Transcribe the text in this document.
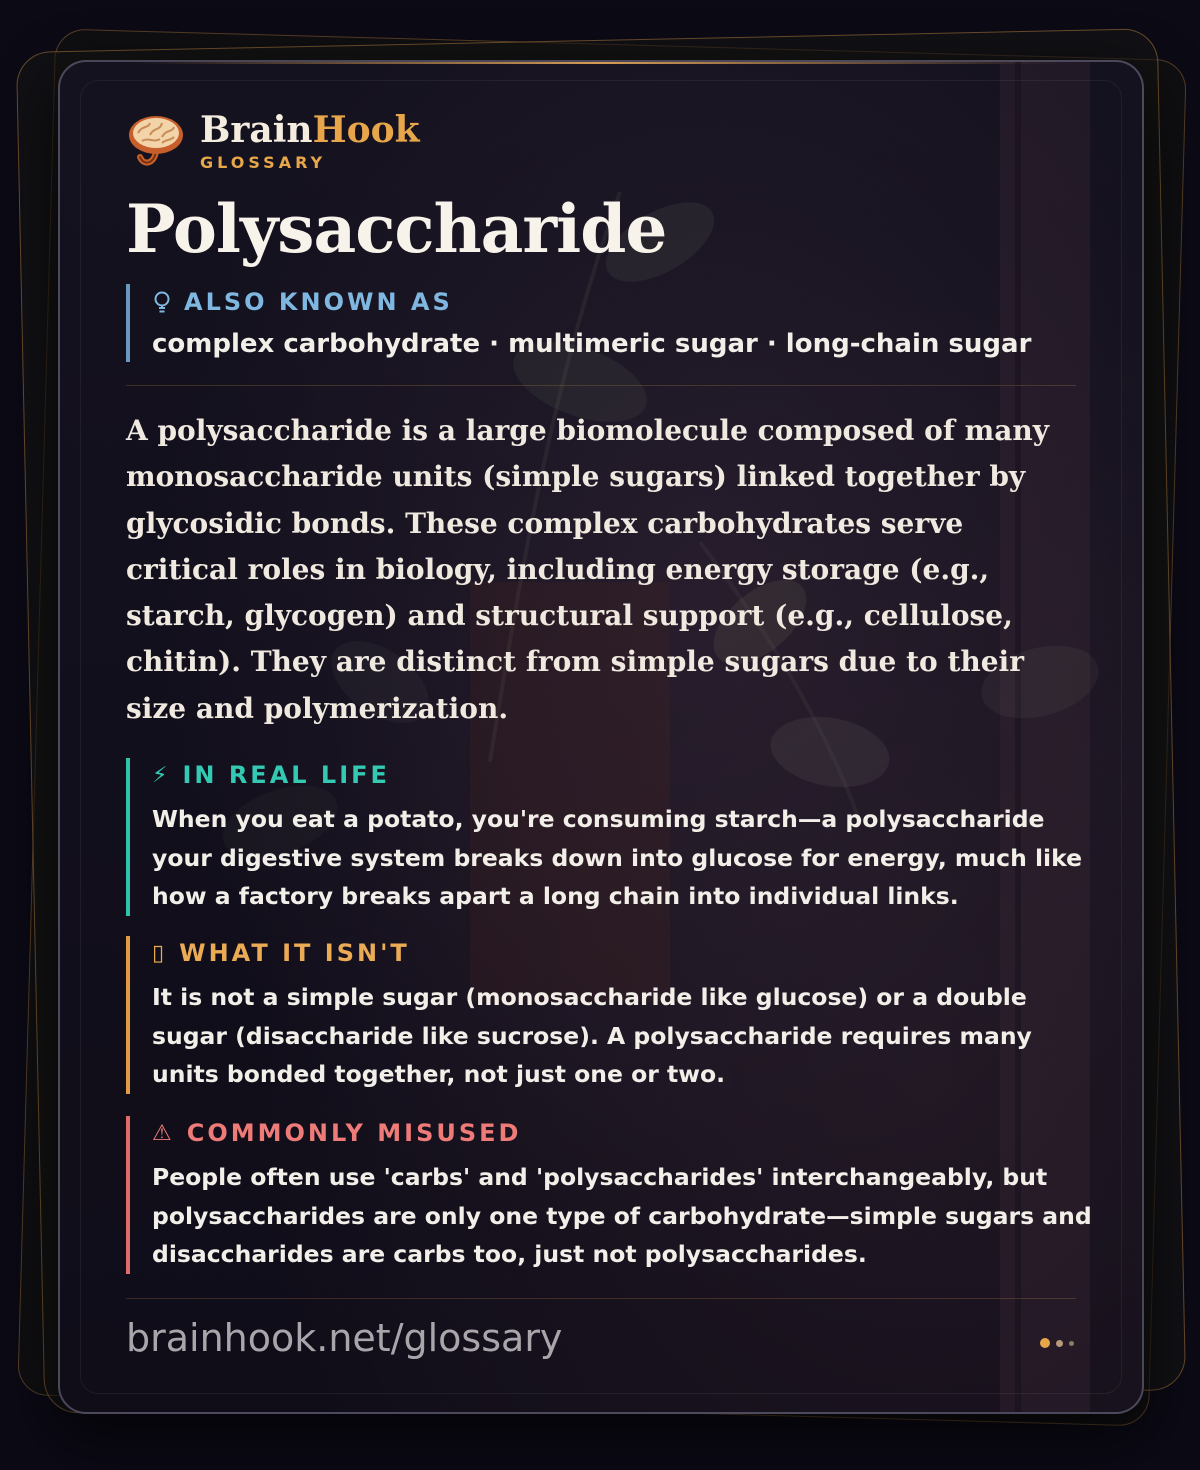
BrainHook
GLOSSARY
Polysaccharide
ALSO KNOWN AS
complex carbohydrate · multimeric sugar · long-chain sugar
A polysaccharide is a large biomolecule composed of many monosaccharide units (simple sugars) linked together by glycosidic bonds. These complex carbohydrates serve critical roles in biology, including energy storage (e.g., starch, glycogen) and structural support (e.g., cellulose, chitin). They are distinct from simple sugars due to their size and polymerization.
⚡ IN REAL LIFE
When you eat a potato, you're consuming starch—a polysaccharide your digestive system breaks down into glucose for energy, much like how a factory breaks apart a long chain into individual links.
▯ WHAT IT ISN'T
It is not a simple sugar (monosaccharide like glucose) or a double sugar (disaccharide like sucrose). A polysaccharide requires many units bonded together, not just one or two.
⚠ COMMONLY MISUSED
People often use 'carbs' and 'polysaccharides' interchangeably, but polysaccharides are only one type of carbohydrate—simple sugars and disaccharides are carbs too, just not polysaccharides.
brainhook.net/glossary
